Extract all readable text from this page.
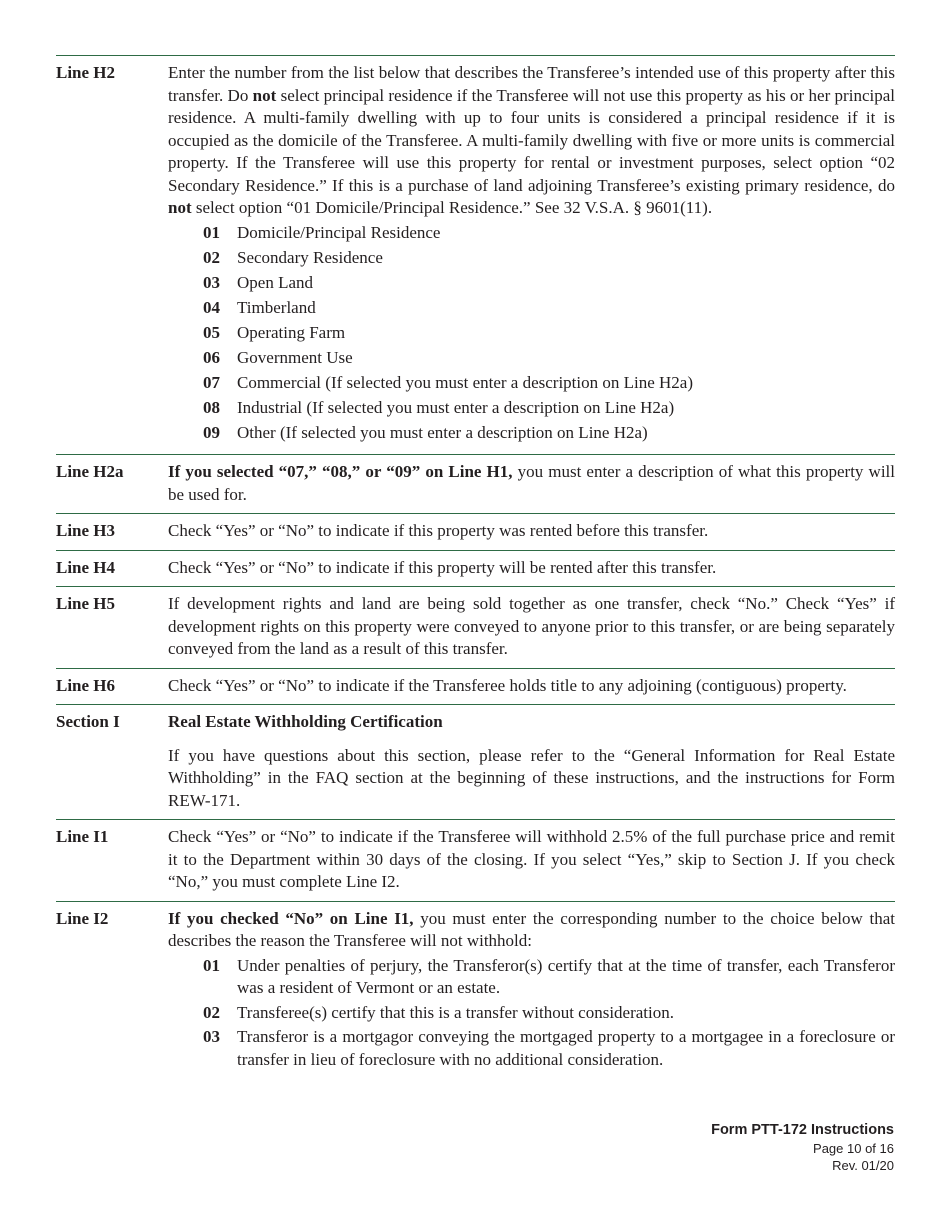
Line H2	Enter the number from the list below that describes the Transferee’s intended use of this property after this transfer. Do not select principal residence if the Transferee will not use this property as his or her principal residence. A multi-family dwelling with up to four units is considered a principal residence if it is occupied as the domicile of the Transferee. A multi-family dwelling with five or more units is commercial property. If the Transferee will use this property for rental or investment purposes, select option “02 Secondary Residence.” If this is a purchase of land adjoining Transferee’s existing primary residence, do not select option “01 Domicile/Principal Residence.” See 32 V.S.A. § 9601(11).
01	Domicile/Principal Residence
02	Secondary Residence
03	Open Land
04	Timberland
05	Operating Farm
06	Government Use
07	Commercial (If selected you must enter a description on Line H2a)
08	Industrial (If selected you must enter a description on Line H2a)
09	Other (If selected you must enter a description on Line H2a)
Line H2a	If you selected “07,” “08,” or “09” on Line H1, you must enter a description of what this property will be used for.
Line H3	Check “Yes” or “No” to indicate if this property was rented before this transfer.
Line H4	Check “Yes” or “No” to indicate if this property will be rented after this transfer.
Line H5	If development rights and land are being sold together as one transfer, check “No.” Check “Yes” if development rights on this property were conveyed to anyone prior to this transfer, or are being separately conveyed from the land as a result of this transfer.
Line H6	Check “Yes” or “No” to indicate if the Transferee holds title to any adjoining (contiguous) property.
Section I	Real Estate Withholding Certification
If you have questions about this section, please refer to the “General Information for Real Estate Withholding” in the FAQ section at the beginning of these instructions, and the instructions for Form REW-171.
Line I1	Check “Yes” or “No” to indicate if the Transferee will withhold 2.5% of the full purchase price and remit it to the Department within 30 days of the closing. If you select “Yes,” skip to Section J. If you check “No,” you must complete Line I2.
Line I2	If you checked “No” on Line I1, you must enter the corresponding number to the choice below that describes the reason the Transferee will not withhold:
01	Under penalties of perjury, the Transferor(s) certify that at the time of transfer, each Transferor was a resident of Vermont or an estate.
02	Transferee(s) certify that this is a transfer without consideration.
03	Transferor is a mortgagor conveying the mortgaged property to a mortgagee in a foreclosure or transfer in lieu of foreclosure with no additional consideration.
Form PTT-172 Instructions
Page 10 of 16
Rev. 01/20
